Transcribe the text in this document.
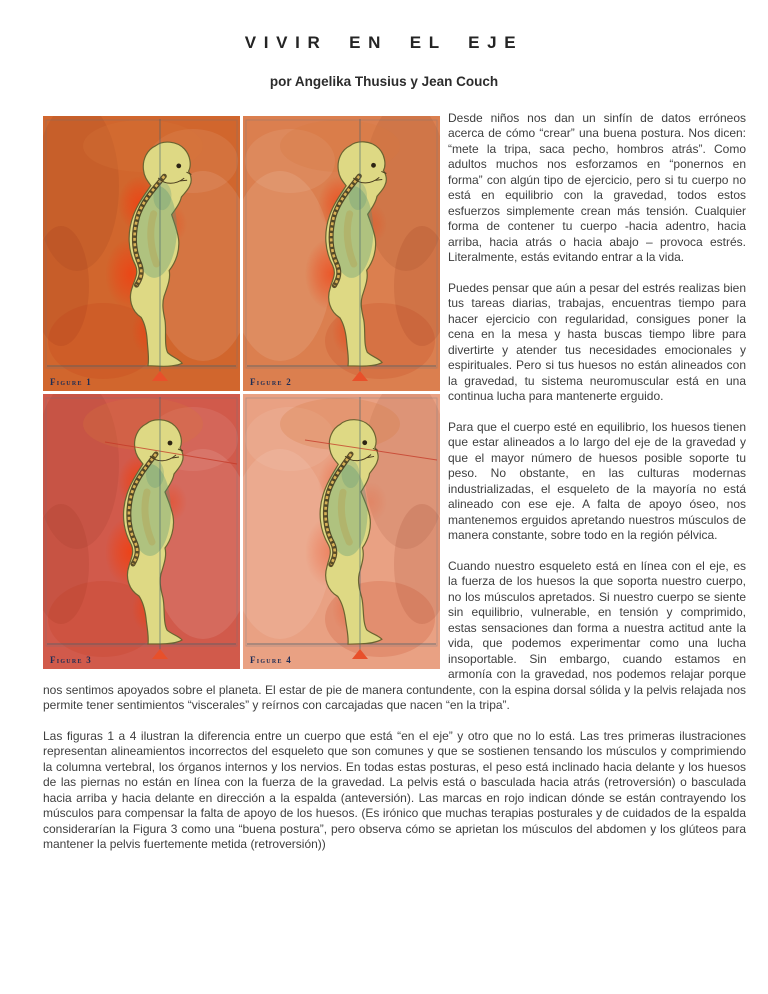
VIVIR EN EL EJE
por Angelika Thusius y Jean Couch
Figure 1	Figure 2
Figure 3	Figure 4

Desde niños nos dan un sinfín de datos erróneos acerca de cómo “crear” una buena postura. Nos dicen: “mete la tripa, saca pecho, hombros atrás”. Como adultos muchos nos esforzamos en “ponernos en forma” con algún tipo de ejercicio, pero si tu cuerpo no está en equilibrio con la gravedad, todos estos esfuerzos simplemente crean más tensión. Cualquier forma de contener tu cuerpo -hacia adentro, hacia arriba, hacia atrás o hacia abajo – provoca estrés. Literalmente, estás evitando entrar a la vida.

Puedes pensar que aún a pesar del estrés realizas bien tus tareas diarias, trabajas, encuentras tiempo para hacer ejercicio con regularidad, consigues poner la cena en la mesa y hasta buscas tiempo libre para divertirte y atender tus necesidades emocionales y espirituales. Pero si tus huesos no están alineados con la gravedad, tu sistema neuromuscular está en una continua lucha para mantenerte erguido.

Para que el cuerpo esté en equilibrio, los huesos tienen que estar alineados a lo largo del eje de la gravedad y que el mayor número de huesos posible soporte tu peso. No obstante, en las culturas modernas industrializadas, el esqueleto de la mayoría no está alineado con ese eje. A falta de apoyo óseo, nos mantenemos erguidos apretando nuestros músculos de manera constante, sobre todo en la región pélvica.

Cuando nuestro esqueleto está en línea con el eje, es la fuerza de los huesos la que soporta nuestro cuerpo, no los músculos apretados. Si nuestro cuerpo se siente sin equilibrio, vulnerable, en tensión y comprimido, estas sensaciones dan forma a nuestra actitud ante la vida, que podemos experimentar como una lucha insoportable. Sin embargo, cuando estamos en armonía con la gravedad, nos podemos relajar porque nos sentimos apoyados sobre el planeta. El estar de pie de manera contundente, con la espina dorsal sólida y la pelvis relajada nos permite tener sentimientos “viscerales” y reírnos con carcajadas que nacen “en la tripa”.

Las figuras 1 a 4 ilustran la diferencia entre un cuerpo que está “en el eje” y otro que no lo está. Las tres primeras ilustraciones representan alineamientos incorrectos del esqueleto que son comunes y que se sostienen tensando los músculos y comprimiendo la columna vertebral, los órganos internos y los nervios. En todas estas posturas, el peso está inclinado hacia delante y los huesos de las piernas no están en línea con la fuerza de la gravedad. La pelvis está o basculada hacia atrás (retroversión) o basculada hacia arriba y hacia delante en dirección a la espalda (anteversión). Las marcas en rojo indican dónde se están contrayendo los músculos para compensar la falta de apoyo de los huesos. (Es irónico que muchas terapias posturales y de cuidados de la espalda considerarían la Figura 3 como una “buena postura”, pero observa cómo se aprietan los músculos del abdomen y los glúteos para mantener la pelvis fuertemente metida (retroversión))
